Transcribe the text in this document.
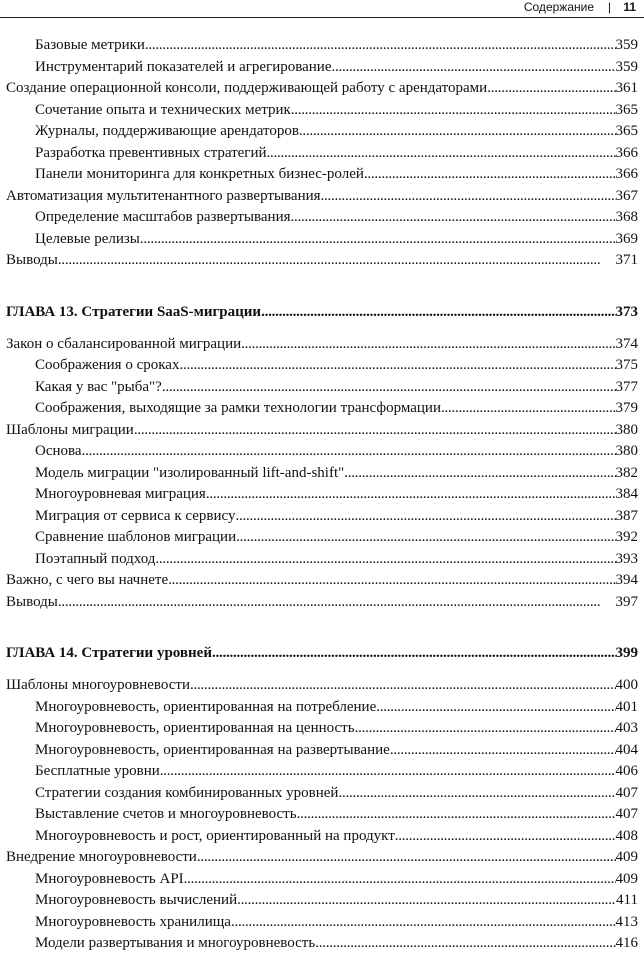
Содержание | 11
Базовые метрики . . .	359
Инструментарий показателей и агрегирование . . .	359
Создание операционной консоли, поддерживающей работу с арендаторами . . .	361
Сочетание опыта и технических метрик . . .	365
Журналы, поддерживающие арендаторов . . .	365
Разработка превентивных стратегий . . .	366
Панели мониторинга для конкретных бизнес-ролей . . .	366
Автоматизация мультитенантного развертывания . . .	367
Определение масштабов развертывания . . .	368
Целевые релизы . . .	369
Выводы . . .	371
ГЛАВА 13. Стратегии SaaS-миграции . . .	373
Закон о сбалансированной миграции . . .	374
Соображения о сроках . . .	375
Какая у вас "рыба"? . . .	377
Соображения, выходящие за рамки технологии трансформации . . .	379
Шаблоны миграции . . .	380
Основа . . .	380
Модель миграции "изолированный lift-and-shift" . . .	382
Многоуровневая миграция . . .	384
Миграция от сервиса к сервису . . .	387
Сравнение шаблонов миграции . . .	392
Поэтапный подход . . .	393
Важно, с чего вы начнете . . .	394
Выводы . . .	397
ГЛАВА 14. Стратегии уровней . . .	399
Шаблоны многоуровневости . . .	400
Многоуровневость, ориентированная на потребление . . .	401
Многоуровневость, ориентированная на ценность . . .	403
Многоуровневость, ориентированная на развертывание . . .	404
Бесплатные уровни . . .	406
Стратегии создания комбинированных уровней . . .	407
Выставление счетов и многоуровневость . . .	407
Многоуровневость и рост, ориентированный на продукт . . .	408
Внедрение многоуровневости . . .	409
Многоуровневость API . . .	409
Многоуровневость вычислений . . .	411
Многоуровневость хранилища . . .	413
Модели развертывания и многоуровневость . . .	416
